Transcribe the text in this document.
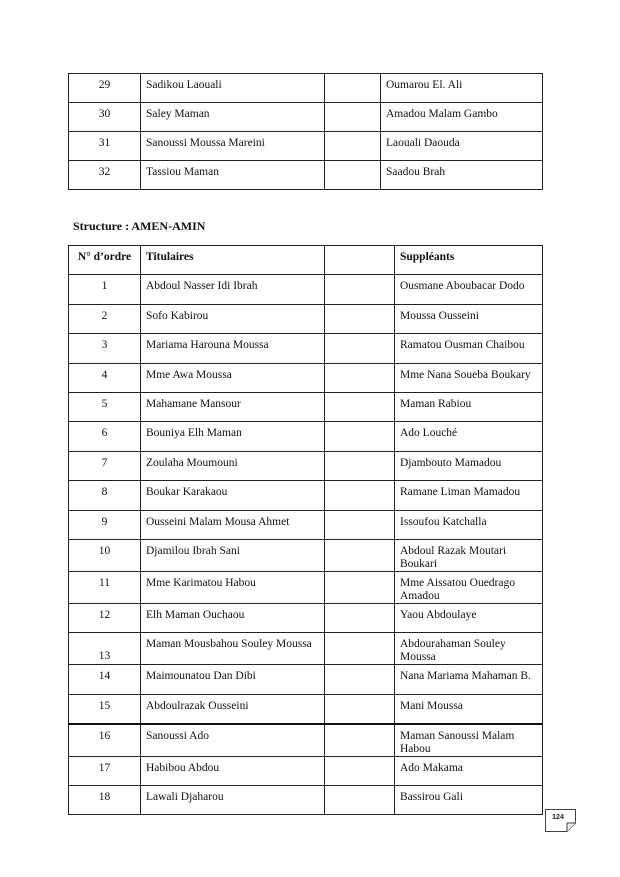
29	Sadikou Laouali		Oumarou El. Ali
30	Saley Maman		Amadou Malam Gambo
31	Sanoussi Moussa Mareini		Laouali Daouda
32	Tassiou Maman		Saadou Brah
Structure : AMEN-AMIN
N° d’ordre	Titulaires		Suppléants
1	Abdoul Nasser Idi Ibrah		Ousmane Aboubacar Dodo
2	Sofo Kabirou		Moussa Ousseini
3	Mariama Harouna Moussa		Ramatou Ousman Chaibou
4	Mme Awa Moussa		Mme Nana Soueba Boukary
5	Mahamane Mansour		Maman Rabiou
6	Bouniya Elh Maman		Ado Louché
7	Zoulaha Moumouni		Djambouto Mamadou
8	Boukar Karakaou		Ramane Liman Mamadou
9	Ousseini Malam Mousa Ahmet		Issoufou Katchalla
10	Djamilou Ibrah Sani		Abdoul Razak Moutari Boukari
11	Mme Karimatou Habou		Mme Aissatou Ouedrago Amadou
12	Elh Maman Ouchaou		Yaou Abdoulaye
13	Maman Mousbahou Souley Moussa		Abdourahaman Souley Moussa
14	Maimounatou Dan Dibi		Nana Mariama Mahaman B.
15	Abdoulrazak Ousseini		Mani Moussa
16	Sanoussi Ado		Maman Sanoussi Malam Habou
17	Habibou Abdou		Ado Makama
18	Lawali Djaharou		Bassirou Gali
124
